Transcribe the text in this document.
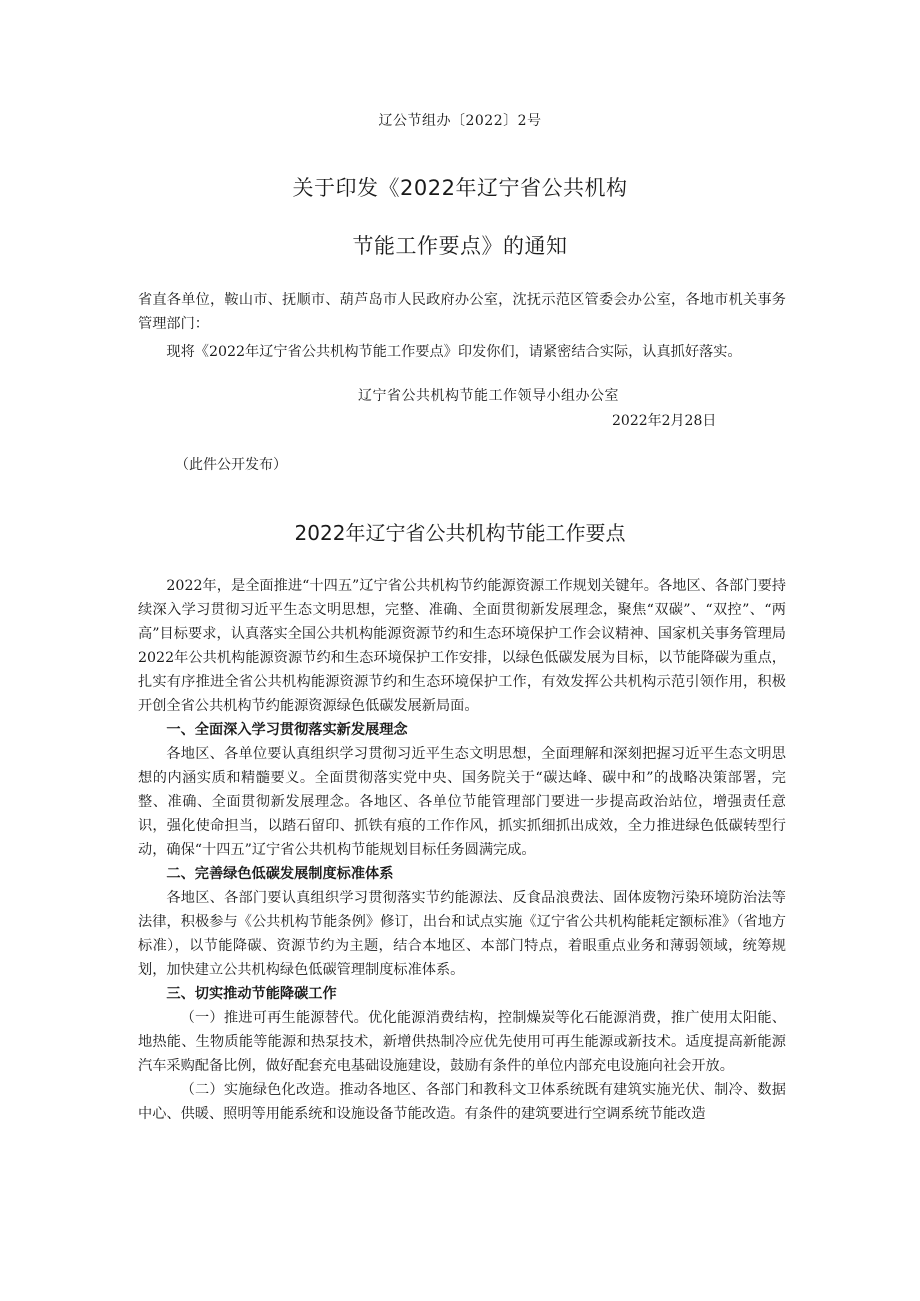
辽公节组办〔2022〕2号
关于印发《2022年辽宁省公共机构
节能工作要点》的通知

省直各单位，鞍山市、抚顺市、葫芦岛市人民政府办公室，沈抚示范区管委会办公室，各地市机关事务管理部门：

现将《2022年辽宁省公共机构节能工作要点》印发你们，请紧密结合实际，认真抓好落实。

辽宁省公共机构节能工作领导小组办公室
2022年2月28日
（此件公开发布）
2022年辽宁省公共机构节能工作要点

2022年，是全面推进“十四五”辽宁省公共机构节约能源资源工作规划关键年。各地区、各部门要持续深入学习贯彻习近平生态文明思想，完整、准确、全面贯彻新发展理念，聚焦“双碳”、“双控”、“两高”目标要求，认真落实全国公共机构能源资源节约和生态环境保护工作会议精神、国家机关事务管理局2022年公共机构能源资源节约和生态环境保护工作安排，以绿色低碳发展为目标，以节能降碳为重点，扎实有序推进全省公共机构能源资源节约和生态环境保护工作，有效发挥公共机构示范引领作用，积极开创全省公共机构节约能源资源绿色低碳发展新局面。

一、全面深入学习贯彻落实新发展理念

各地区、各单位要认真组织学习贯彻习近平生态文明思想，全面理解和深刻把握习近平生态文明思想的内涵实质和精髓要义。全面贯彻落实党中央、国务院关于“碳达峰、碳中和”的战略决策部署，完整、准确、全面贯彻新发展理念。各地区、各单位节能管理部门要进一步提高政治站位，增强责任意识，强化使命担当，以踏石留印、抓铁有痕的工作作风，抓实抓细抓出成效，全力推进绿色低碳转型行动，确保“十四五”辽宁省公共机构节能规划目标任务圆满完成。

二、完善绿色低碳发展制度标准体系

各地区、各部门要认真组织学习贯彻落实节约能源法、反食品浪费法、固体废物污染环境防治法等法律，积极参与《公共机构节能条例》修订，出台和试点实施《辽宁省公共机构能耗定额标准》（省地方标准），以节能降碳、资源节约为主题，结合本地区、本部门特点，着眼重点业务和薄弱领域，统筹规划，加快建立公共机构绿色低碳管理制度标准体系。

三、切实推动节能降碳工作

（一）推进可再生能源替代。优化能源消费结构，控制燥炭等化石能源消费，推广使用太阳能、地热能、生物质能等能源和热泵技术，新增供热制冷应优先使用可再生能源或新技术。适度提高新能源汽车采购配备比例，做好配套充电基础设施建设，鼓励有条件的单位内部充电设施向社会开放。

（二）实施绿色化改造。推动各地区、各部门和教科文卫体系统既有建筑实施光伏、制冷、数据中心、供暖、照明等用能系统和设施设备节能改造。有条件的建筑要进行空调系统节能改造
